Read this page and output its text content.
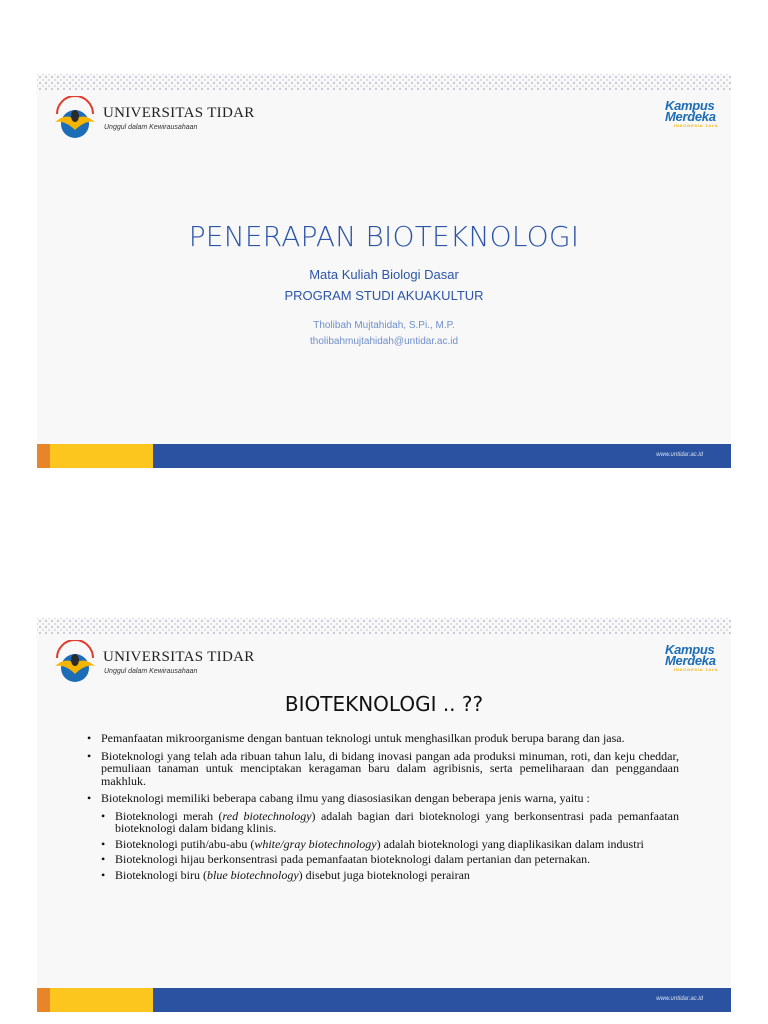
UNIVERSITAS TIDAR
Unggul dalam Kewirausahaan
Kampus
Merdeka
INDONESIA JAYA
PENERAPAN BIOTEKNOLOGI
Mata Kuliah Biologi Dasar
PROGRAM STUDI AKUAKULTUR
Tholibah Mujtahidah, S.Pi., M.P.
tholibahmujtahidah@untidar.ac.id
www.untidar.ac.id
UNIVERSITAS TIDAR
Unggul dalam Kewirausahaan
Kampus
Merdeka
INDONESIA JAYA
BIOTEKNOLOGI .. ??
• Pemanfaatan mikroorganisme dengan bantuan teknologi untuk menghasilkan produk berupa barang dan jasa.
• Bioteknologi yang telah ada ribuan tahun lalu, di bidang inovasi pangan ada produksi minuman, roti, dan keju cheddar, pemuliaan tanaman untuk menciptakan keragaman baru dalam agribisnis, serta pemeliharaan dan penggandaan makhluk.
• Bioteknologi memiliki beberapa cabang ilmu yang diasosiasikan dengan beberapa jenis warna, yaitu :
• Bioteknologi merah (red biotechnology) adalah bagian dari bioteknologi yang berkonsentrasi pada pemanfaatan bioteknologi dalam bidang klinis.
• Bioteknologi putih/abu-abu (white/gray biotechnology) adalah bioteknologi yang diaplikasikan dalam industri
• Bioteknologi hijau berkonsentrasi pada pemanfaatan bioteknologi dalam pertanian dan peternakan.
• Bioteknologi biru (blue biotechnology) disebut juga bioteknologi perairan
www.untidar.ac.id
